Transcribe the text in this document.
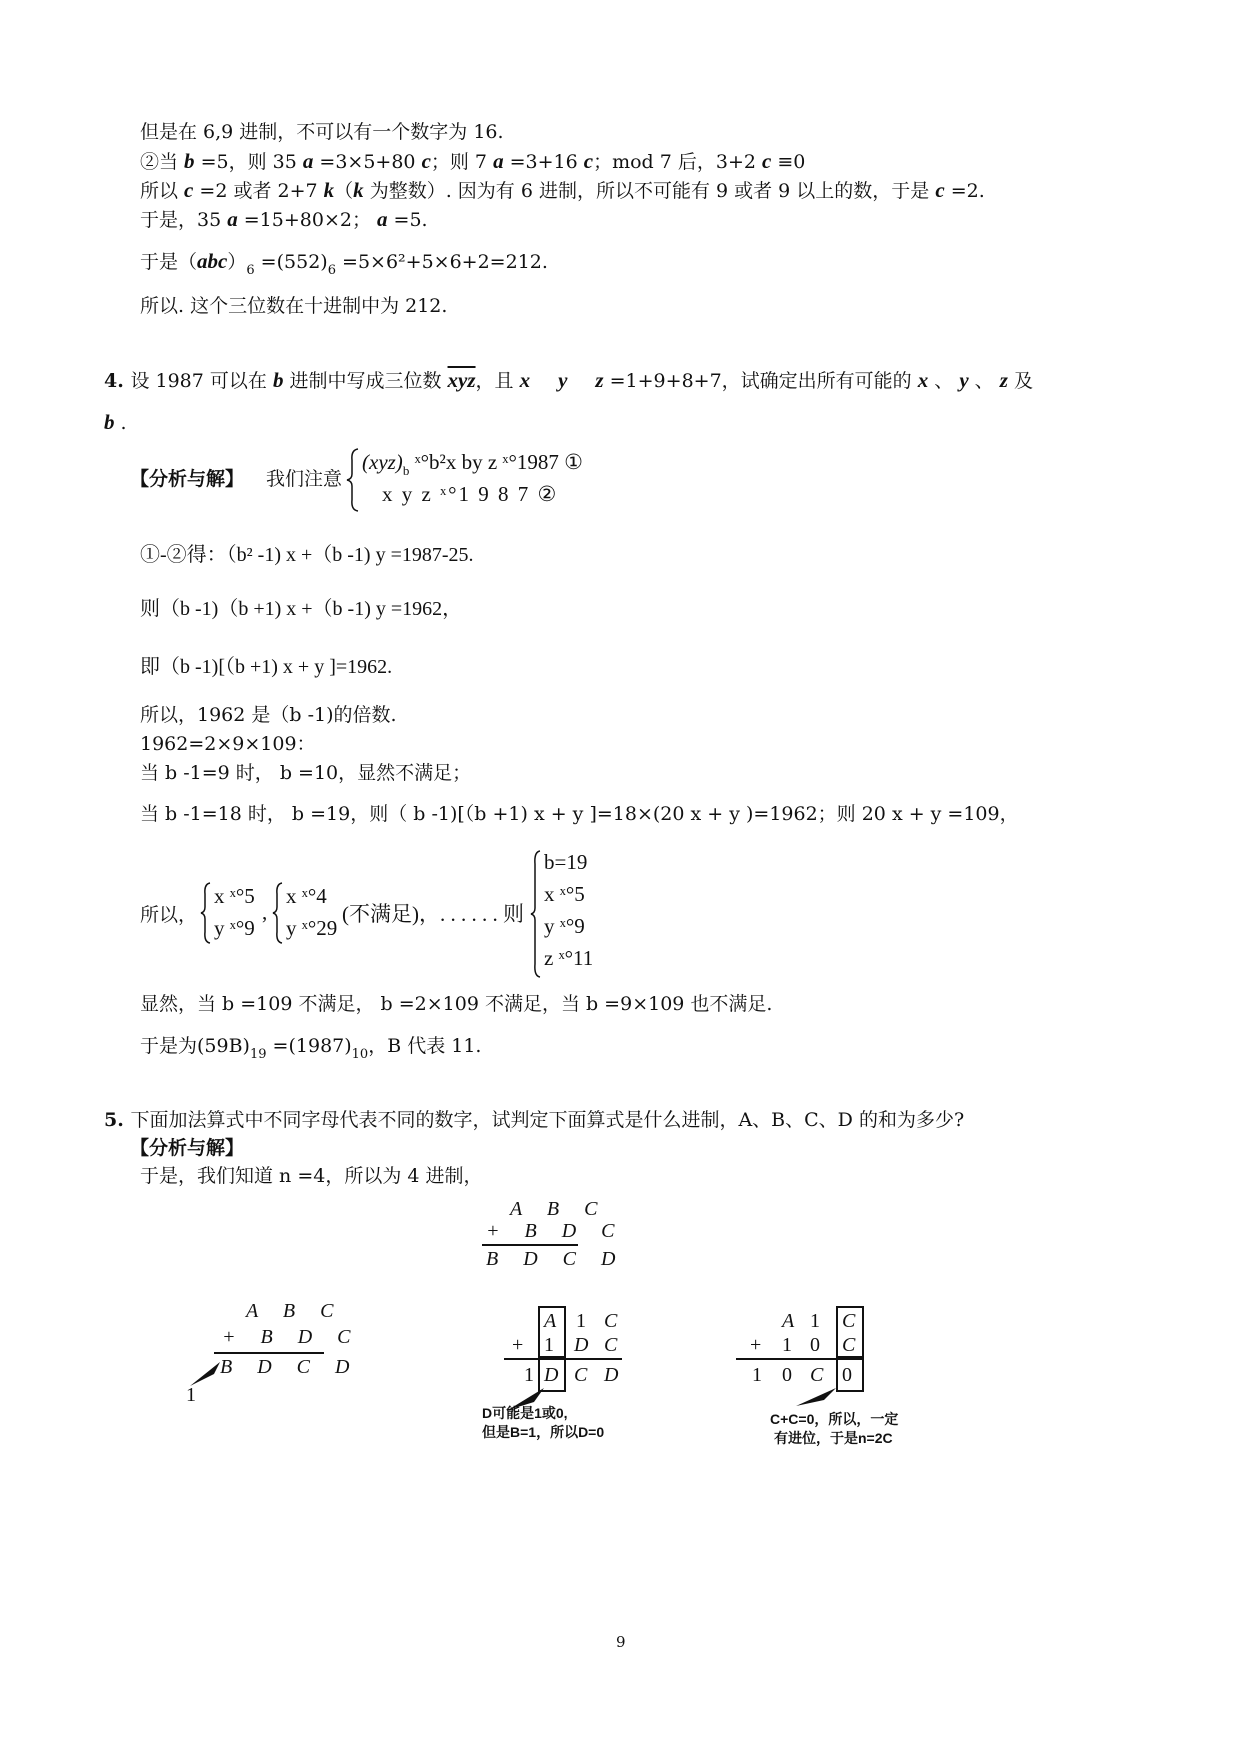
但是在 6,9 进制，不可以有一个数字为 16.
②当 b =5，则 35 a =3×5+80 c；则 7 a =3+16 c；mod 7 后，3+2 c ≡0
所以 c =2 或者 2+7 k（k 为整数）. 因为有 6 进制，所以不可能有 9 或者 9 以上的数，于是 c =2.
于是，35 a =15+80×2； a =5.
于是$(abc)_6 =(552)_6 =5\times 6^2+5\times 6+2=212$.
所以. 这个三位数在十进制中为 212.
4. 设 1987 可以在 b 进制中写成三位数 $\overline{xyz}$，且 x y z =1+9+8+7，试确定出所有可能的 x 、 y 、 z 及
b .
【分析与解】 我们注意
$(xyz)_b$ ˣ°b²x by z ˣ°1987 ①
x y z ˣ°1 9 8 7 ②
①-②得：（b² -1) x +（b -1) y =1987-25.
则（b -1)（b +1) x +（b -1) y =1962，
即（b -1)[（b +1) x + y ]=1962.
所以，1962 是（b -1)的倍数.
1962=2×9×109：
当 b -1=9 时， b =10，显然不满足；
当 b -1=18 时， b =19，则（ b -1)[（b +1) x + y ]=18×(20 x + y )=1962；则 20 x + y =109，
所以，
x ˣ°5
y ˣ°9
,
x ˣ°4
y ˣ°29
(不满足)，. . . . . . 则
b=19
x ˣ°5
y ˣ°9
z ˣ°11
显然，当 b =109 不满足， b =2×109 不满足，当 b =9×109 也不满足.
于是为$(59B)_{19} =(1987)_{10}$，B 代表 11.
5. 下面加法算式中不同字母代表不同的数字，试判定下面算式是什么进制，A、B、C、D 的和为多少?
【分析与解】
于是，我们知道 n =4，所以为 4 进制，
A B C
+ B D C
B D C D
A B C
+ B D C
B D C D
1
A 1 C
+ 1 D C
1 D C D
D可能是1或0,
但是B=1，所以D=0
A 1 C
+ 1 0 C
1 0 C 0
C+C=0，所以，一定
有进位，于是n=2C
9
